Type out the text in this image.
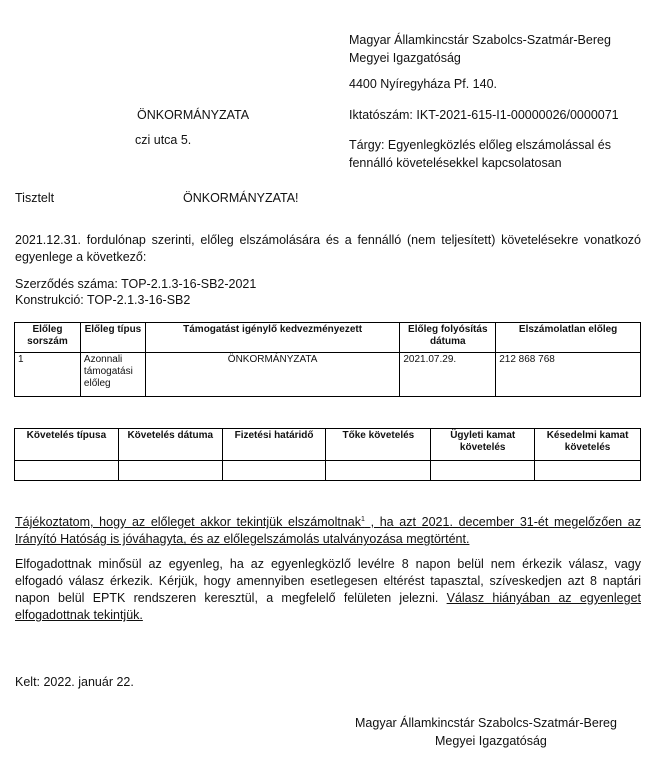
Magyar Államkincstár Szabolcs-Szatmár-Bereg
Megyei Igazgatóság
4400 Nyíregyháza Pf. 140.
ÖNKORMÁNYZATA
czi utca 5.
Iktatószám: IKT-2021-615-I1-00000026/0000071
Tárgy: Egyenlegközlés előleg elszámolással és
fennálló követelésekkel kapcsolatosan
Tisztelt	ÖNKORMÁNYZATA!
2021.12.31. fordulónap szerinti, előleg elszámolására és a fennálló (nem teljesített) követelésekre vonatkozó egyenlege a következő:
Szerződés száma: TOP-2.1.3-16-SB2-2021
Konstrukció: TOP-2.1.3-16-SB2
Előleg sorszám	Előleg típus	Támogatást igénylő kedvezményezett	Előleg folyósítás dátuma	Elszámolatlan előleg
1	Azonnali támogatási előleg	ÖNKORMÁNYZATA	2021.07.29.	212 868 768
Követelés típusa	Követelés dátuma	Fizetési határidő	Tőke követelés	Ügyleti kamat követelés	Késedelmi kamat követelés

Tájékoztatom, hogy az előleget akkor tekintjük elszámoltnak$^1$ , ha azt 2021. december 31-ét megelőzően az Irányító Hatóság is jóváhagyta, és az előlegelszámolás utalványozása megtörtént.
Elfogadottnak minősül az egyenleg, ha az egyenlegközlő levélre 8 napon belül nem érkezik válasz, vagy elfogadó válasz érkezik. Kérjük, hogy amennyiben esetlegesen eltérést tapasztal, szíveskedjen azt 8 naptári napon belül EPTK rendszeren keresztül, a megfelelő felületen jelezni. Válasz hiányában az egyenleget elfogadottnak tekintjük.
Kelt: 2022. január 22.
Magyar Államkincstár Szabolcs-Szatmár-Bereg
Megyei Igazgatóság
